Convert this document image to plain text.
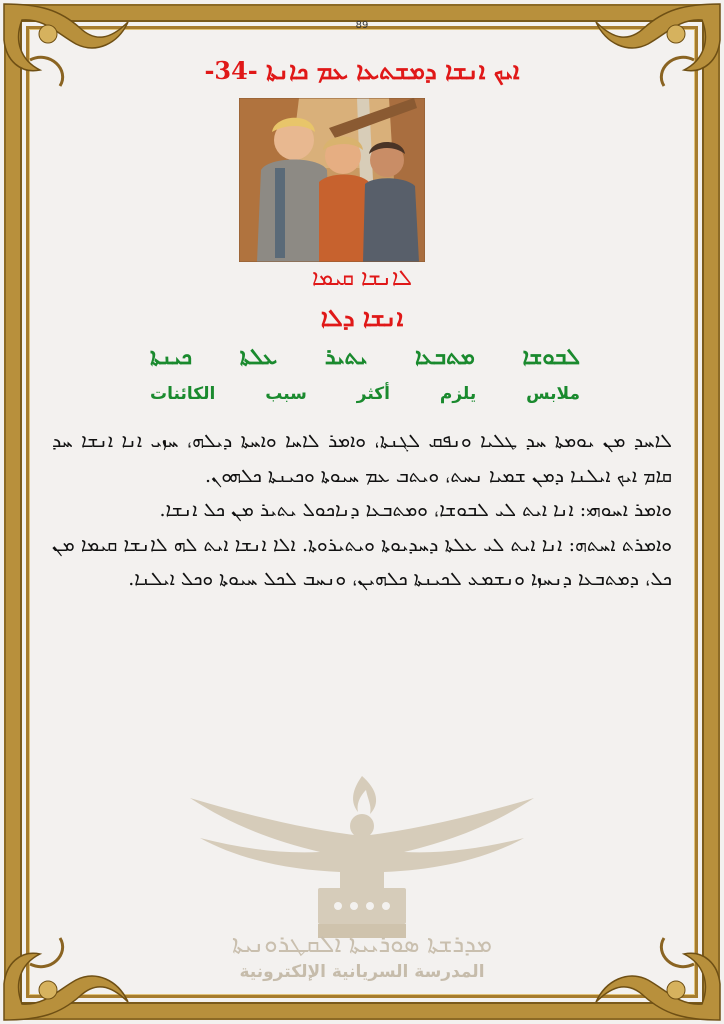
89
-34- ܐܝܟ ܐܢܫܐ ܕܡܫܬܥܐ ܥܡ ܟܐܢܬܐ
ܠܐܢܫܐ ܩܝܡܐ
ܐܢܫܐ ܕܠܐ
ܠܒܘܫܐ
ܡܬܒܥܐ
ܝܬܝܪ
ܥܠܬܐ
ܟܝܢܬܐ
ملابس
يلزم
أكثر
سبب
الكائنات

ܠܐܚܕ ܡܢ ܝܘܡܬܐ ܚܕ ܛܠܝܐ ܘܢܦܩ ܠܓܢܬܐ، ܘܐܡܪ ܠܐܚܐ ܘܐܚܬܐ ܕܝܠܗ، ܚܙܝ ܐܢܐ ܐܢܫܐ ܚܕ ܩܐܡ ܐܝܟ ܐܝܠܢܐ ܕܡܢ ܫܡܝܐ ܢܚܬ، ܘܝܬܒ ܥܡ ܚܝܘܬܐ ܘܟܝܢܬܐ ܟܠܗܘܢ.

ܘܐܡܪ ܐܚܘܗܝ: ܐܢܐ ܐܝܬ ܠܝ ܠܒܘܫܐ، ܘܡܬܒܥܐ ܕܢܐܟܘܠ ܝܬܝܪ ܡܢ ܟܠ ܐܢܫܐ.

ܘܐܡܪܬ ܐܚܬܗ: ܐܢܐ ܐܝܬ ܠܝ ܥܠܬܐ ܕܚܕܝܘܬܐ ܘܝܬܝܪܘܬܐ. ܐܠܐ ܐܢܫܐ ܐܝܬ ܠܗ ܠܐܢܫܐ ܩܝܡܐ ܡܢ ܟܠ، ܕܡܬܒܥܐ ܕܢܚܙܐ ܘܢܫܡܥ ܠܟܝܢܬܐ ܟܠܗܝܢ، ܘܢܚܒ ܠܟܠ ܚܝܘܬܐ ܘܟܠ ܐܝܠܢܐ.

ܡܕܪܫܬܐ ܣܘܪܝܝܬܐ ܐܠܩܛܪܘܢܝܬܐ
المدرسة السريانية الإلكترونية
